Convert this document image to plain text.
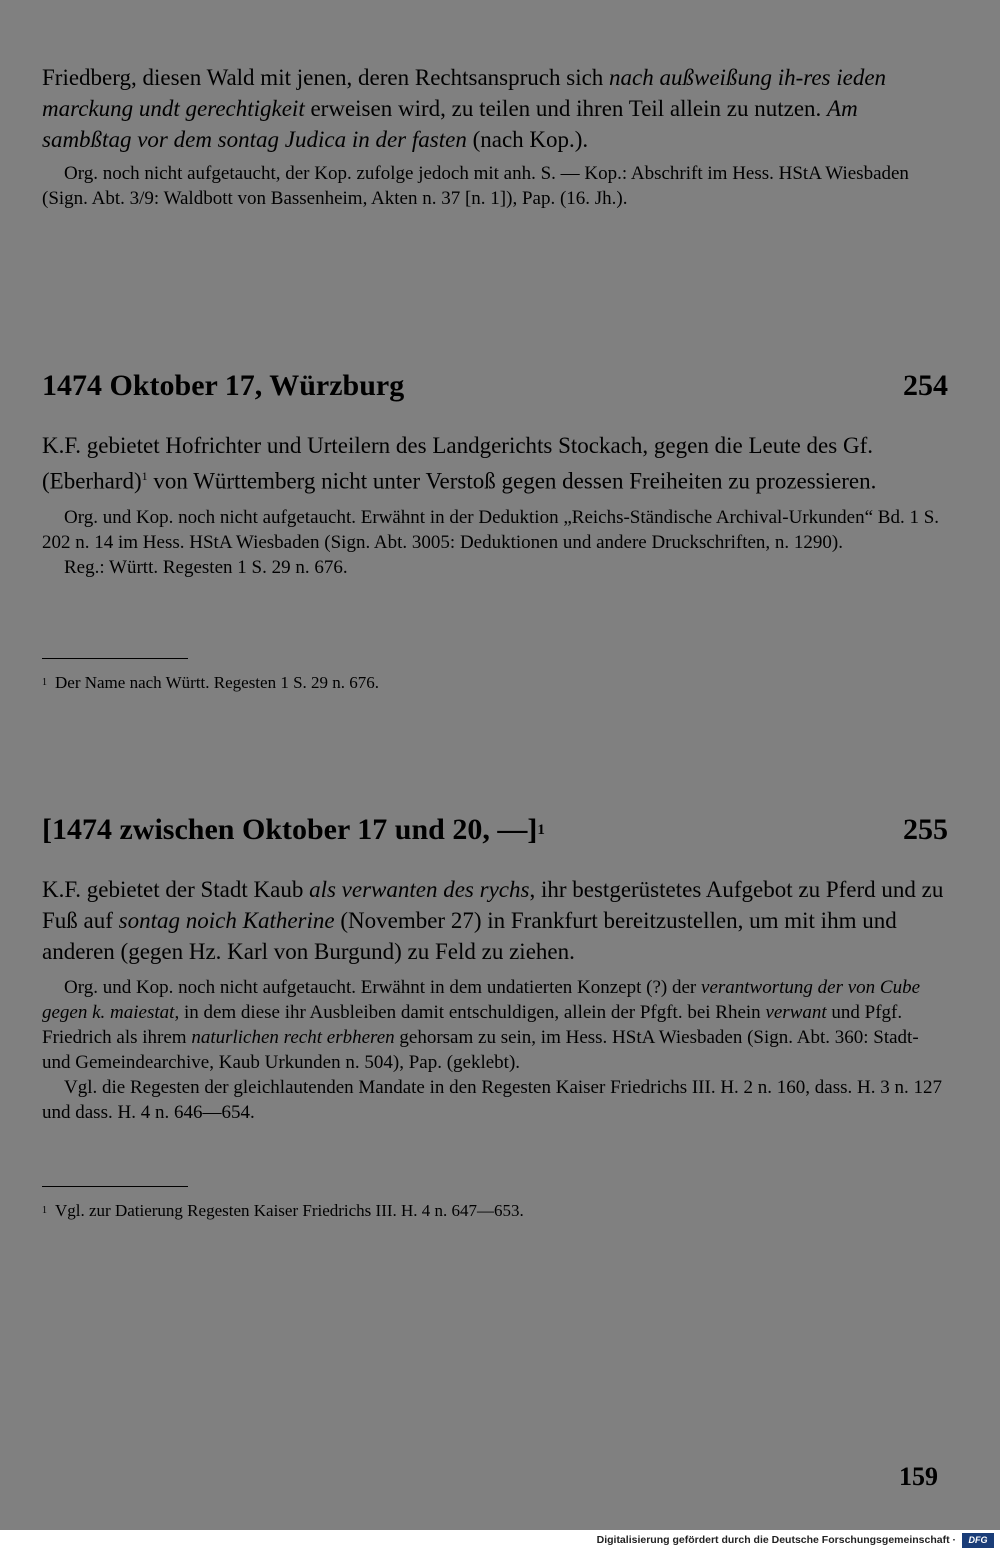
Friedberg, diesen Wald mit jenen, deren Rechtsanspruch sich nach außweißung ih-res ieden marckung undt gerechtigkeit erweisen wird, zu teilen und ihren Teil allein zu nutzen. Am sambßtag vor dem sontag Judica in der fasten (nach Kop.).

Org. noch nicht aufgetaucht, der Kop. zufolge jedoch mit anh. S. — Kop.: Abschrift im Hess. HStA Wiesbaden (Sign. Abt. 3/9: Waldbott von Bassenheim, Akten n. 37 [n. 1]), Pap. (16. Jh.).

1474 Oktober 17, Würzburg	254

K.F. gebietet Hofrichter und Urteilern des Landgerichts Stockach, gegen die Leute des Gf. (Eberhard)$^1$ von Württemberg nicht unter Verstoß gegen dessen Freiheiten zu prozessieren.

Org. und Kop. noch nicht aufgetaucht. Erwähnt in der Deduktion „Reichs-Ständische Archival-Urkunden“ Bd. 1 S. 202 n. 14 im Hess. HStA Wiesbaden (Sign. Abt. 3005: Deduktionen und andere Druckschriften, n. 1290).

Reg.: Württ. Regesten 1 S. 29 n. 676.

$^1$ Der Name nach Württ. Regesten 1 S. 29 n. 676.

[1474 zwischen Oktober 17 und 20, —]$^1$	255

K.F. gebietet der Stadt Kaub als verwanten des rychs, ihr bestgerüstetes Aufgebot zu Pferd und zu Fuß auf sontag noich Katherine (November 27) in Frankfurt bereitzustellen, um mit ihm und anderen (gegen Hz. Karl von Burgund) zu Feld zu ziehen.

Org. und Kop. noch nicht aufgetaucht. Erwähnt in dem undatierten Konzept (?) der verantwortung der von Cube gegen k. maiestat, in dem diese ihr Ausbleiben damit entschuldigen, allein der Pfgft. bei Rhein verwant und Pfgf. Friedrich als ihrem naturlichen recht erbheren gehorsam zu sein, im Hess. HStA Wiesbaden (Sign. Abt. 360: Stadt- und Gemeindearchive, Kaub Urkunden n. 504), Pap. (geklebt).

Vgl. die Regesten der gleichlautenden Mandate in den Regesten Kaiser Friedrichs III. H. 2 n. 160, dass. H. 3 n. 127 und dass. H. 4 n. 646—654.

$^1$ Vgl. zur Datierung Regesten Kaiser Friedrichs III. H. 4 n. 647—653.

159
Digitalisierung gefördert durch die Deutsche Forschungsgemeinschaft ·	DFG
